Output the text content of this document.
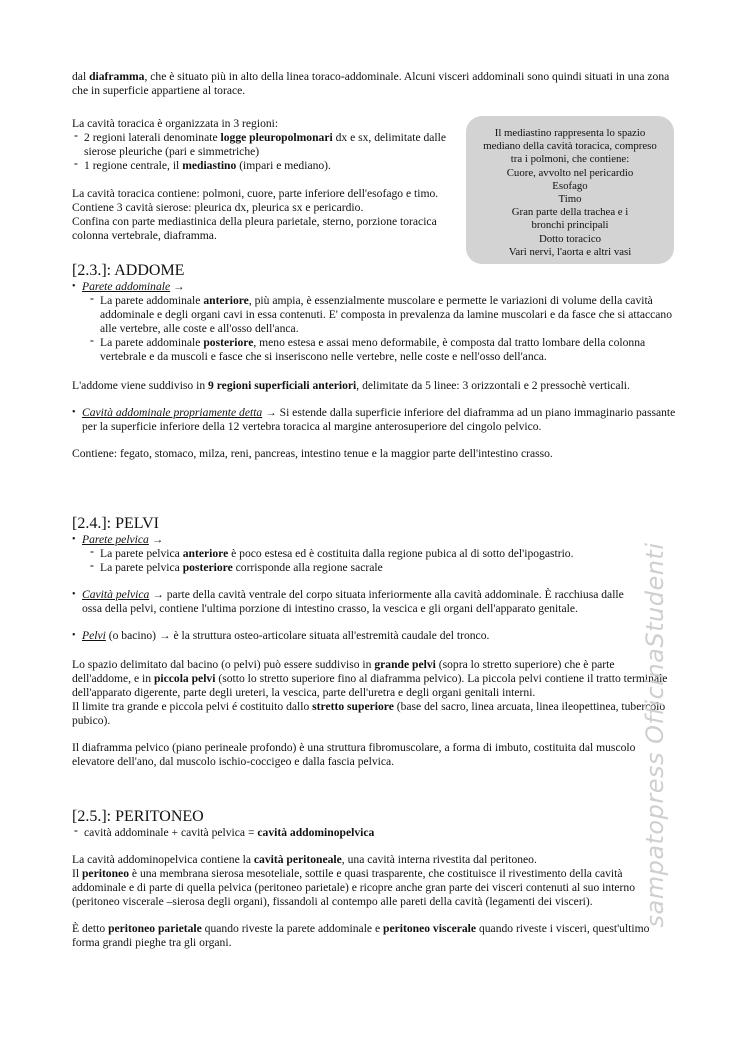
dal diaframma, che è situato più in alto della linea toraco-addominale. Alcuni visceri addominali sono quindi situati in una zona che in superficie appartiene al torace.

La cavità toracica è organizzata in 3 regioni:

- 2 regioni laterali denominate logge pleuropolmonari dx e sx, delimitate dalle sierose pleuriche (pari e simmetriche)

- 1 regione centrale, il mediastino (impari e mediano).

La cavità toracica contiene: polmoni, cuore, parte inferiore dell'esofago e timo.

Contiene 3 cavità sierose: pleurica dx, pleurica sx e pericardio.

Confina con parte mediastinica della pleura parietale, sterno, porzione toracica colonna vertebrale, diaframma.

Il mediastino rappresenta lo spazio mediano della cavità toracica, compreso tra i polmoni, che contiene:
Cuore, avvolto nel pericardio
Esofago
Timo
Gran parte della trachea e i bronchi principali
Dotto toracico
Vari nervi, l'aorta e altri vasi
[2.3.]: ADDOME

• Parete addominale →

- La parete addominale anteriore, più ampia, è essenzialmente muscolare e permette le variazioni di volume della cavità addominale e degli organi cavi in essa contenuti. E' composta in prevalenza da lamine muscolari e da fasce che si attaccano alle vertebre, alle coste e all'osso dell'anca.

- La parete addominale posteriore, meno estesa e assai meno deformabile, è composta dal tratto lombare della colonna vertebrale e da muscoli e fasce che si inseriscono nelle vertebre, nelle coste e nell'osso dell'anca.

L'addome viene suddiviso in 9 regioni superficiali anteriori, delimitate da 5 linee: 3 orizzontali e 2 pressochè verticali.

• Cavità addominale propriamente detta → Si estende dalla superficie inferiore del diaframma ad un piano immaginario passante per la superficie inferiore della 12 vertebra toracica al margine anterosuperiore del cingolo pelvico.

Contiene: fegato, stomaco, milza, reni, pancreas, intestino tenue e la maggior parte dell'intestino crasso.

[2.4.]: PELVI

• Parete pelvica →

- La parete pelvica anteriore è poco estesa ed è costituita dalla regione pubica al di sotto del'ipogastrio.

- La parete pelvica posteriore corrisponde alla regione sacrale

• Cavità pelvica → parte della cavità ventrale del corpo situata inferiormente alla cavità addominale. È racchiusa dalle ossa della pelvi, contiene l'ultima porzione di intestino crasso, la vescica e gli organi dell'apparato genitale.

• Pelvi (o bacino) → è la struttura osteo-articolare situata all'estremità caudale del tronco.

Lo spazio delimitato dal bacino (o pelvi) può essere suddiviso in grande pelvi (sopra lo stretto superiore) che è parte dell'addome, e in piccola pelvi (sotto lo stretto superiore fino al diaframma pelvico). La piccola pelvi contiene il tratto terminale dell'apparato digerente, parte degli ureteri, la vescica, parte dell'uretra e degli organi genitali interni.

Il limite tra grande e piccola pelvi é costituito dallo stretto superiore (base del sacro, linea arcuata, linea ileopettinea, tubercolo pubico).

Il diaframma pelvico (piano perineale profondo) è una struttura fibromuscolare, a forma di imbuto, costituita dal muscolo elevatore dell'ano, dal muscolo ischio-coccigeo e dalla fascia pelvica.

[2.5.]: PERITONEO

- cavità addominale + cavità pelvica = cavità addominopelvica

La cavità addominopelvica contiene la cavità peritoneale, una cavità interna rivestita dal peritoneo.

Il peritoneo è una membrana sierosa mesoteliale, sottile e quasi trasparente, che costituisce il rivestimento della cavità addominale e di parte di quella pelvica (peritoneo parietale) e ricopre anche gran parte dei visceri contenuti al suo interno (peritoneo viscerale –sierosa degli organi), fissandoli al contempo alle pareti della cavità (legamenti dei visceri).

È detto peritoneo parietale quando riveste la parete addominale e peritoneo viscerale quando riveste i visceri, quest'ultimo forma grandi pieghe tra gli organi.

sampatopress OfficinaStudenti
